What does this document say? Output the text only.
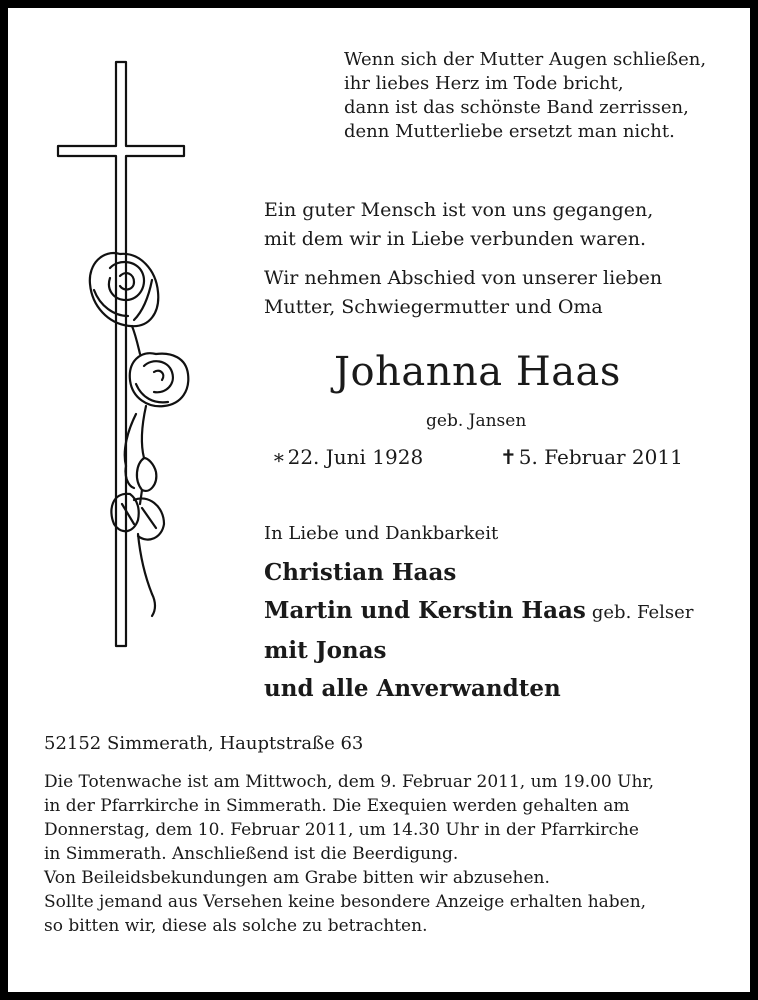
Wenn sich der Mutter Augen schließen,
ihr liebes Herz im Tode bricht,
dann ist das schönste Band zerrissen,
denn Mutterliebe ersetzt man nicht.
Ein guter Mensch ist von uns gegangen,
mit dem wir in Liebe verbunden waren.
Wir nehmen Abschied von unserer lieben
Mutter, Schwiegermutter und Oma
Johanna Haas
geb. Jansen
∗ 22. Juni 1928	✝ 5. Februar 2011
In Liebe und Dankbarkeit
Christian Haas
Martin und Kerstin Haas geb. Felser
mit Jonas
und alle Anverwandten
52152 Simmerath, Hauptstraße 63
Die Totenwache ist am Mittwoch, dem 9. Februar 2011, um 19.00 Uhr,
in der Pfarrkirche in Simmerath. Die Exequien werden gehalten am
Donnerstag, dem 10. Februar 2011, um 14.30 Uhr in der Pfarrkirche
in Simmerath. Anschließend ist die Beerdigung.
Von Beileidsbekundungen am Grabe bitten wir abzusehen.
Sollte jemand aus Versehen keine besondere Anzeige erhalten haben,
so bitten wir, diese als solche zu betrachten.
